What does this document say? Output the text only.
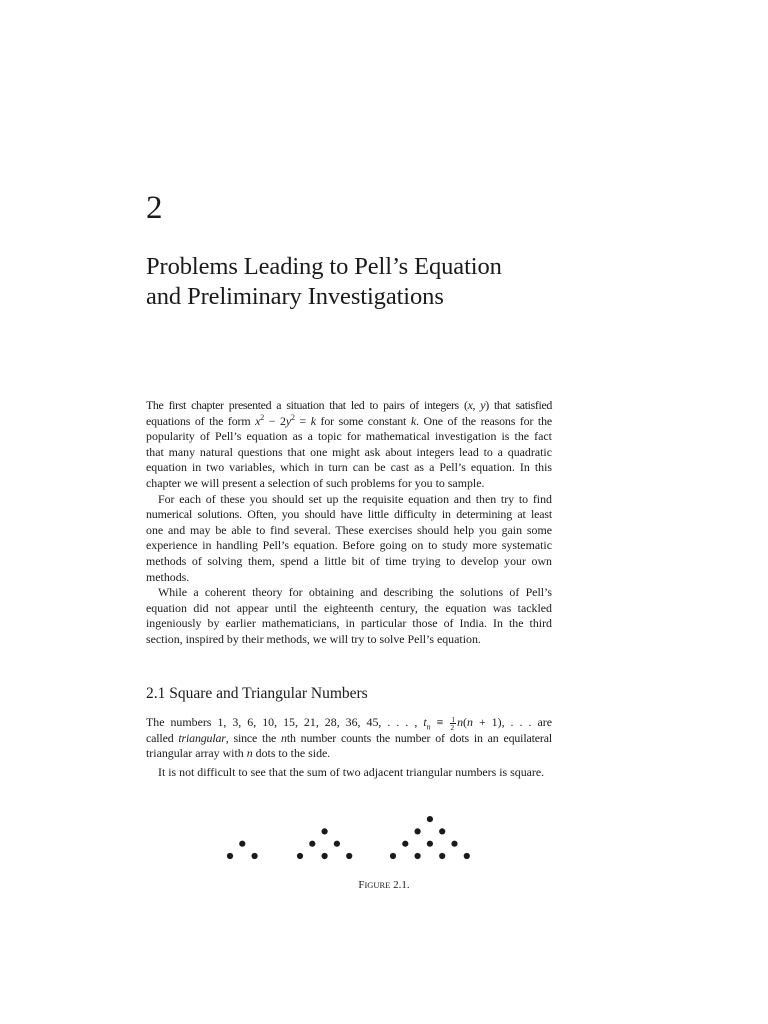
2
Problems Leading to Pell’s Equation
and Preliminary Investigations
The first chapter presented a situation that led to pairs of integers (x, y) that satisfied
equations of the form $x^2 - 2y^2 = k$ for some constant k. One of the reasons for the
popularity of Pell’s equation as a topic for mathematical investigation is the fact
that many natural questions that one might ask about integers lead to a quadratic
equation in two variables, which in turn can be cast as a Pell’s equation. In this
chapter we will present a selection of such problems for you to sample.
For each of these you should set up the requisite equation and then try to find
numerical solutions. Often, you should have little difficulty in determining at least
one and may be able to find several. These exercises should help you gain some
experience in handling Pell’s equation. Before going on to study more systematic
methods of solving them, spend a little bit of time trying to develop your own
methods.
While a coherent theory for obtaining and describing the solutions of Pell’s
equation did not appear until the eighteenth century, the equation was tackled
ingeniously by earlier mathematicians, in particular those of India. In the third
section, inspired by their methods, we will try to solve Pell’s equation.
2.1 Square and Triangular Numbers
The numbers 1, 3, 6, 10, 15, 21, 28, 36, 45, . . . , $t_n \equiv \frac{1}{2} n(n + 1)$, . . . are
called triangular, since the nth number counts the number of dots in an equilateral
triangular array with n dots to the side.
It is not difficult to see that the sum of two adjacent triangular numbers is square.
FIGURE 2.1.
